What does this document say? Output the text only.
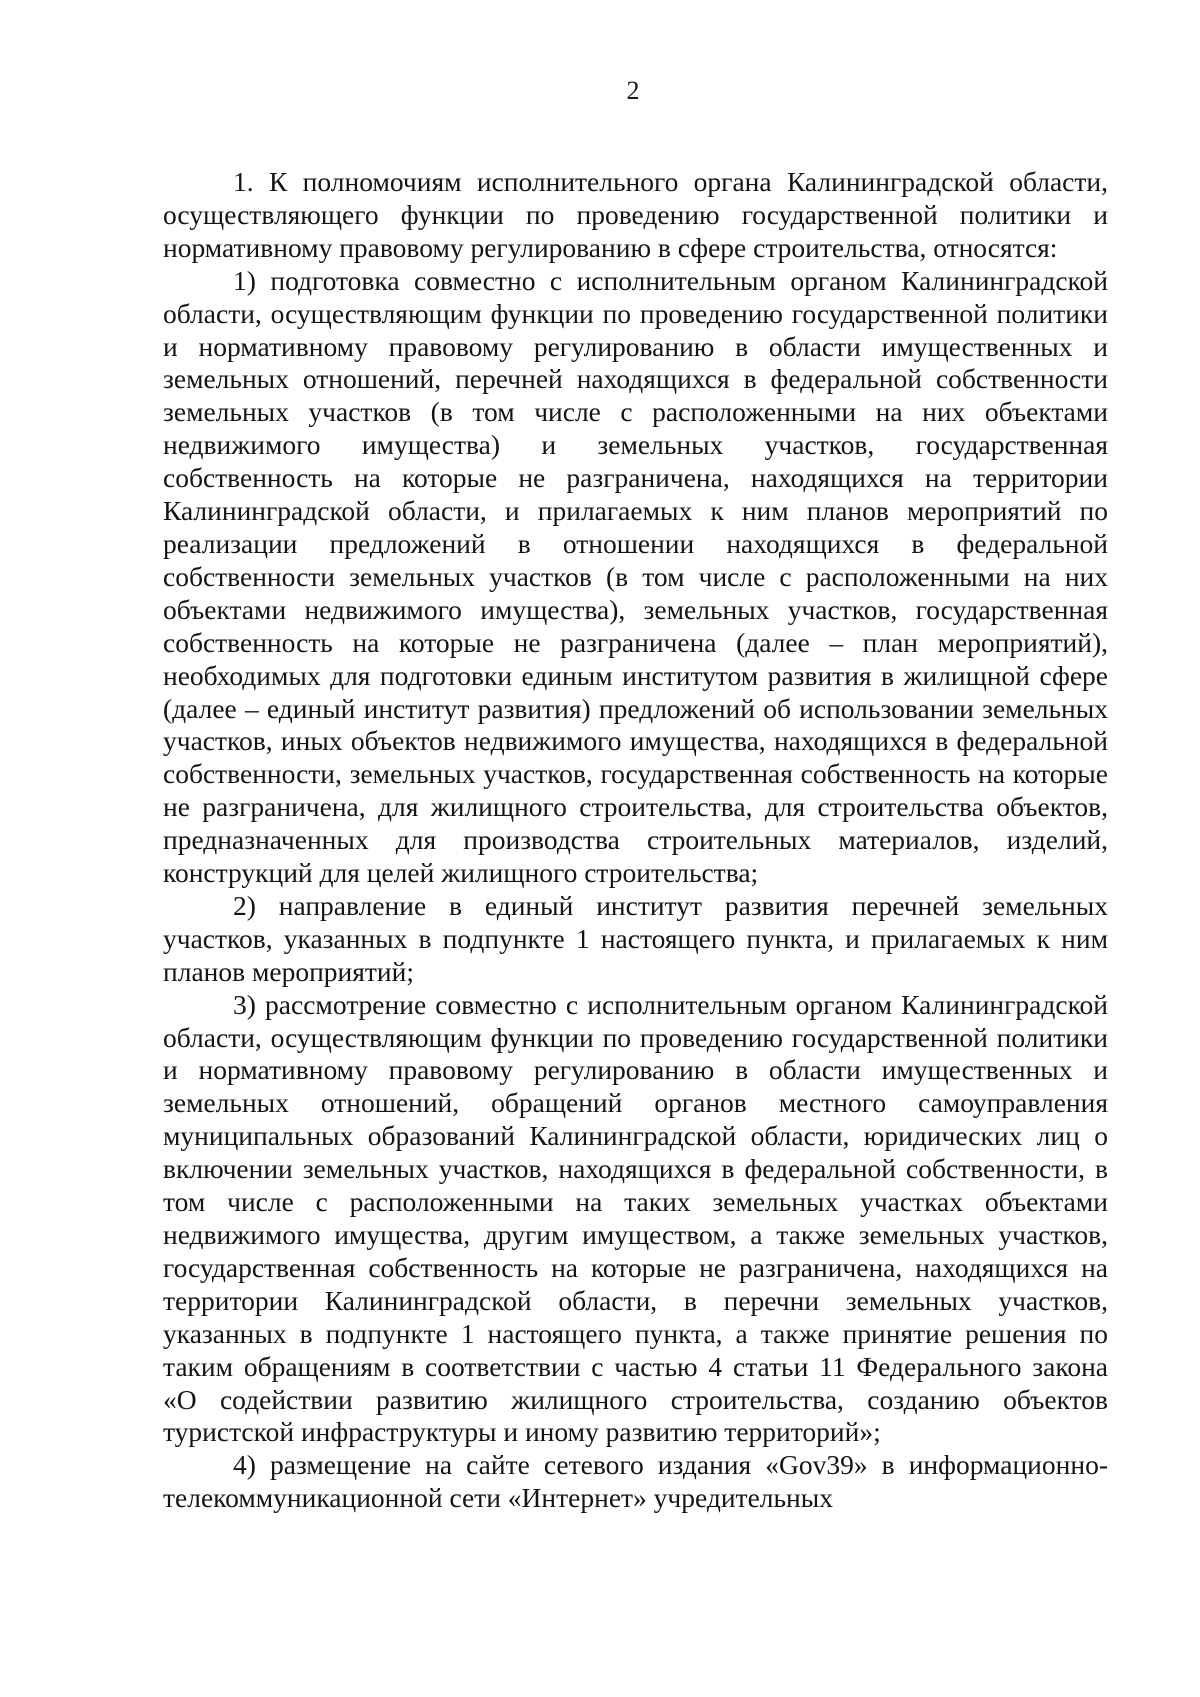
2

1. К полномочиям исполнительного органа Калининградской области, осуществляющего функции по проведению государственной политики и нормативному правовому регулированию в сфере строительства, относятся:

1) подготовка совместно с исполнительным органом Калининградской области, осуществляющим функции по проведению государственной политики и нормативному правовому регулированию в области имущественных и земельных отношений, перечней находящихся в федеральной собственности земельных участков (в том числе с расположенными на них объектами недвижимого имущества) и земельных участков, государственная собственность на которые не разграничена, находящихся на территории Калининградской области, и прилагаемых к ним планов мероприятий по реализации предложений в отношении находящихся в федеральной собственности земельных участков (в том числе с расположенными на них объектами недвижимого имущества), земельных участков, государственная собственность на которые не разграничена (далее – план мероприятий), необходимых для подготовки единым институтом развития в жилищной сфере (далее – единый институт развития) предложений об использовании земельных участков, иных объектов недвижимого имущества, находящихся в федеральной собственности, земельных участков, государственная собственность на которые не разграничена, для жилищного строительства, для строительства объектов, предназначенных для производства строительных материалов, изделий, конструкций для целей жилищного строительства;

2) направление в единый институт развития перечней земельных участков, указанных в подпункте 1 настоящего пункта, и прилагаемых к ним планов мероприятий;

3) рассмотрение совместно с исполнительным органом Калининградской области, осуществляющим функции по проведению государственной политики и нормативному правовому регулированию в области имущественных и земельных отношений, обращений органов местного самоуправления муниципальных образований Калининградской области, юридических лиц о включении земельных участков, находящихся в федеральной собственности, в том числе с расположенными на таких земельных участках объектами недвижимого имущества, другим имуществом, а также земельных участков, государственная собственность на которые не разграничена, находящихся на территории Калининградской области, в перечни земельных участков, указанных в подпункте 1 настоящего пункта, а также принятие решения по таким обращениям в соответствии с частью 4 статьи 11 Федерального закона «О содействии развитию жилищного строительства, созданию объектов туристской инфраструктуры и иному развитию территорий»;

4) размещение на сайте сетевого издания «Gov39» в информационно-телекоммуникационной сети «Интернет» учредительных
